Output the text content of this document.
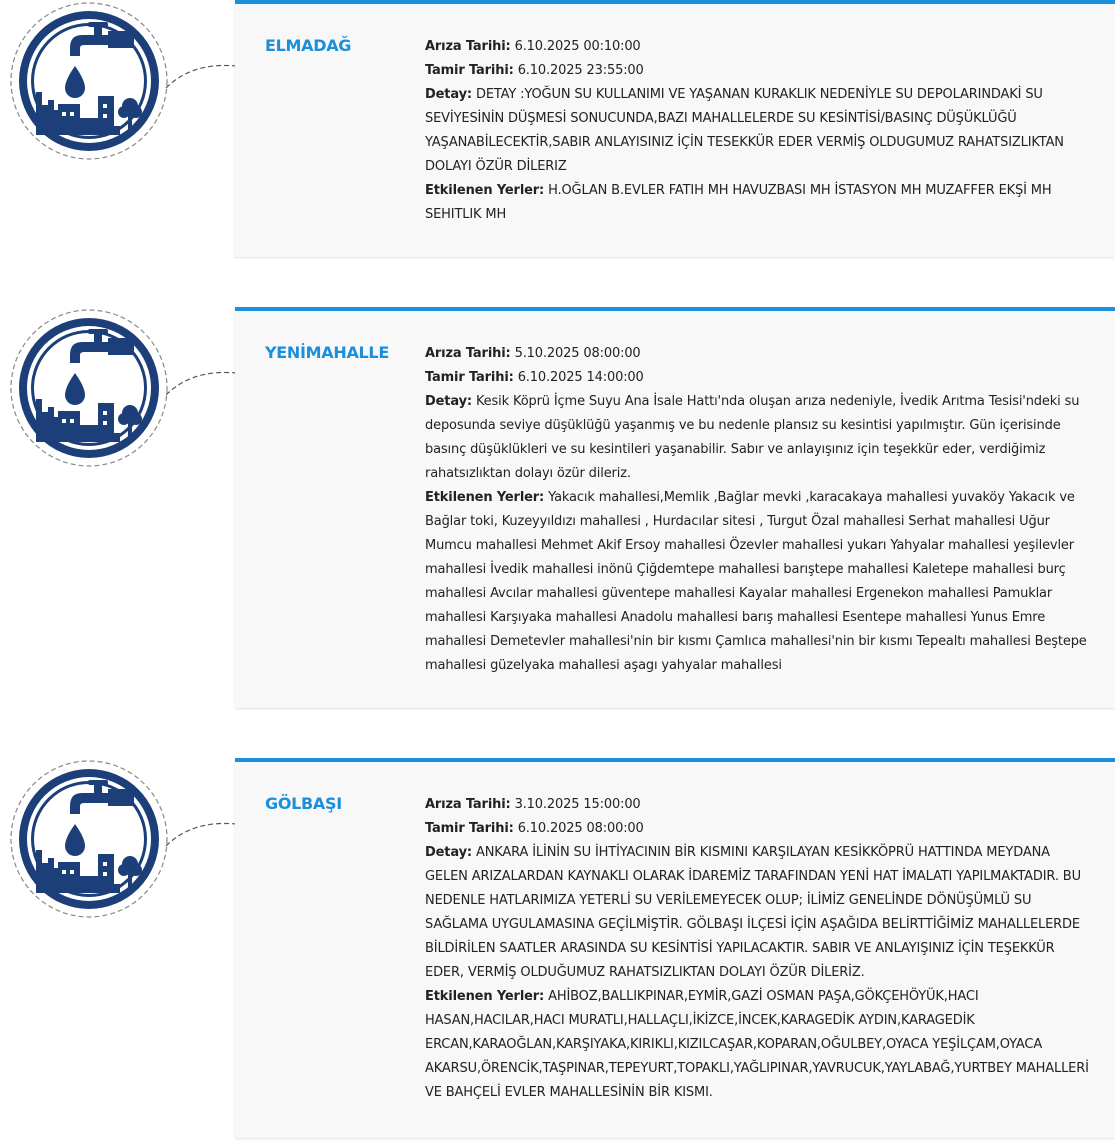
ELMADAĞ	Arıza Tarihi: 6.10.2025 00:10:00

Tamir Tarihi: 6.10.2025 23:55:00

Detay: DETAY :YOĞUN SU KULLANIMI VE YAŞANAN KURAKLIK NEDENİYLE SU DEPOLARINDAKİ SU SEVİYESİNİN DÜŞMESİ SONUCUNDA,BAZI MAHALLELERDE SU KESİNTİSİ/BASINÇ DÜŞÜKLÜĞÜ YAŞANABİLECEKTİR,SABIR ANLAYISINIZ İÇİN TESEKKÜR EDER VERMİŞ OLDUGUMUZ RAHATSIZLIKTAN DOLAYI ÖZÜR DİLERIZ

Etkilenen Yerler: H.OĞLAN B.EVLER FATIH MH HAVUZBASI MH İSTASYON MH MUZAFFER EKŞİ MH SEHITLIK MH

YENİMAHALLE	Arıza Tarihi: 5.10.2025 08:00:00

Tamir Tarihi: 6.10.2025 14:00:00

Detay: Kesik Köprü İçme Suyu Ana İsale Hattı'nda oluşan arıza nedeniyle, İvedik Arıtma Tesisi'ndeki su deposunda seviye düşüklüğü yaşanmış ve bu nedenle plansız su kesintisi yapılmıştır. Gün içerisinde basınç düşüklükleri ve su kesintileri yaşanabilir. Sabır ve anlayışınız için teşekkür eder, verdiğimiz rahatsızlıktan dolayı özür dileriz.

Etkilenen Yerler: Yakacık mahallesi,Memlik ,Bağlar mevki ,karacakaya mahallesi yuvaköy Yakacık ve Bağlar toki, Kuzeyyıldızı mahallesi , Hurdacılar sitesi , Turgut Özal mahallesi Serhat mahallesi Uğur Mumcu mahallesi Mehmet Akif Ersoy mahallesi Özevler mahallesi yukarı Yahyalar mahallesi yeşilevler mahallesi İvedik mahallesi inönü Çiğdemtepe mahallesi barıştepe mahallesi Kaletepe mahallesi burç mahallesi Avcılar mahallesi güventepe mahallesi Kayalar mahallesi Ergenekon mahallesi Pamuklar mahallesi Karşıyaka mahallesi Anadolu mahallesi barış mahallesi Esentepe mahallesi Yunus Emre mahallesi Demetevler mahallesi'nin bir kısmı Çamlıca mahallesi'nin bir kısmı Tepealtı mahallesi Beştepe mahallesi güzelyaka mahallesi aşagı yahyalar mahallesi

GÖLBAŞI	Arıza Tarihi: 3.10.2025 15:00:00

Tamir Tarihi: 6.10.2025 08:00:00

Detay: ANKARA İLİNİN SU İHTİYACININ BİR KISMINI KARŞILAYAN KESİKKÖPRÜ HATTINDA MEYDANA GELEN ARIZALARDAN KAYNAKLI OLARAK İDAREMİZ TARAFINDAN YENİ HAT İMALATI YAPILMAKTADIR. BU NEDENLE HATLARIMIZA YETERLİ SU VERİLEMEYECEK OLUP; İLİMİZ GENELİNDE DÖNÜŞÜMLÜ SU SAĞLAMA UYGULAMASINA GEÇİLMİŞTİR. GÖLBAŞI İLÇESİ İÇİN AŞAĞIDA BELİRTTİĞİMİZ MAHALLELERDE BİLDİRİLEN SAATLER ARASINDA SU KESİNTİSİ YAPILACAKTIR. SABIR VE ANLAYIŞINIZ İÇİN TEŞEKKÜR EDER, VERMİŞ OLDUĞUMUZ RAHATSIZLIKTAN DOLAYI ÖZÜR DİLERİZ.

Etkilenen Yerler: AHİBOZ,BALLIKPINAR,EYMİR,GAZİ OSMAN PAŞA,GÖKÇEHÖYÜK,HACI HASAN,HACILAR,HACI MURATLI,HALLAÇLI,İKİZCE,İNCEK,KARAGEDİK AYDIN,KARAGEDİK ERCAN,KARAOĞLAN,KARŞIYAKA,KIRIKLI,KIZILCAŞAR,KOPARAN,OĞULBEY,OYACA YEŞİLÇAM,OYACA AKARSU,ÖRENCİK,TAŞPINAR,TEPEYURT,TOPAKLI,YAĞLIPINAR,YAVRUCUK,YAYLABAĞ,YURTBEY MAHALLERİ VE BAHÇELİ EVLER MAHALLESİNİN BİR KISMI.
